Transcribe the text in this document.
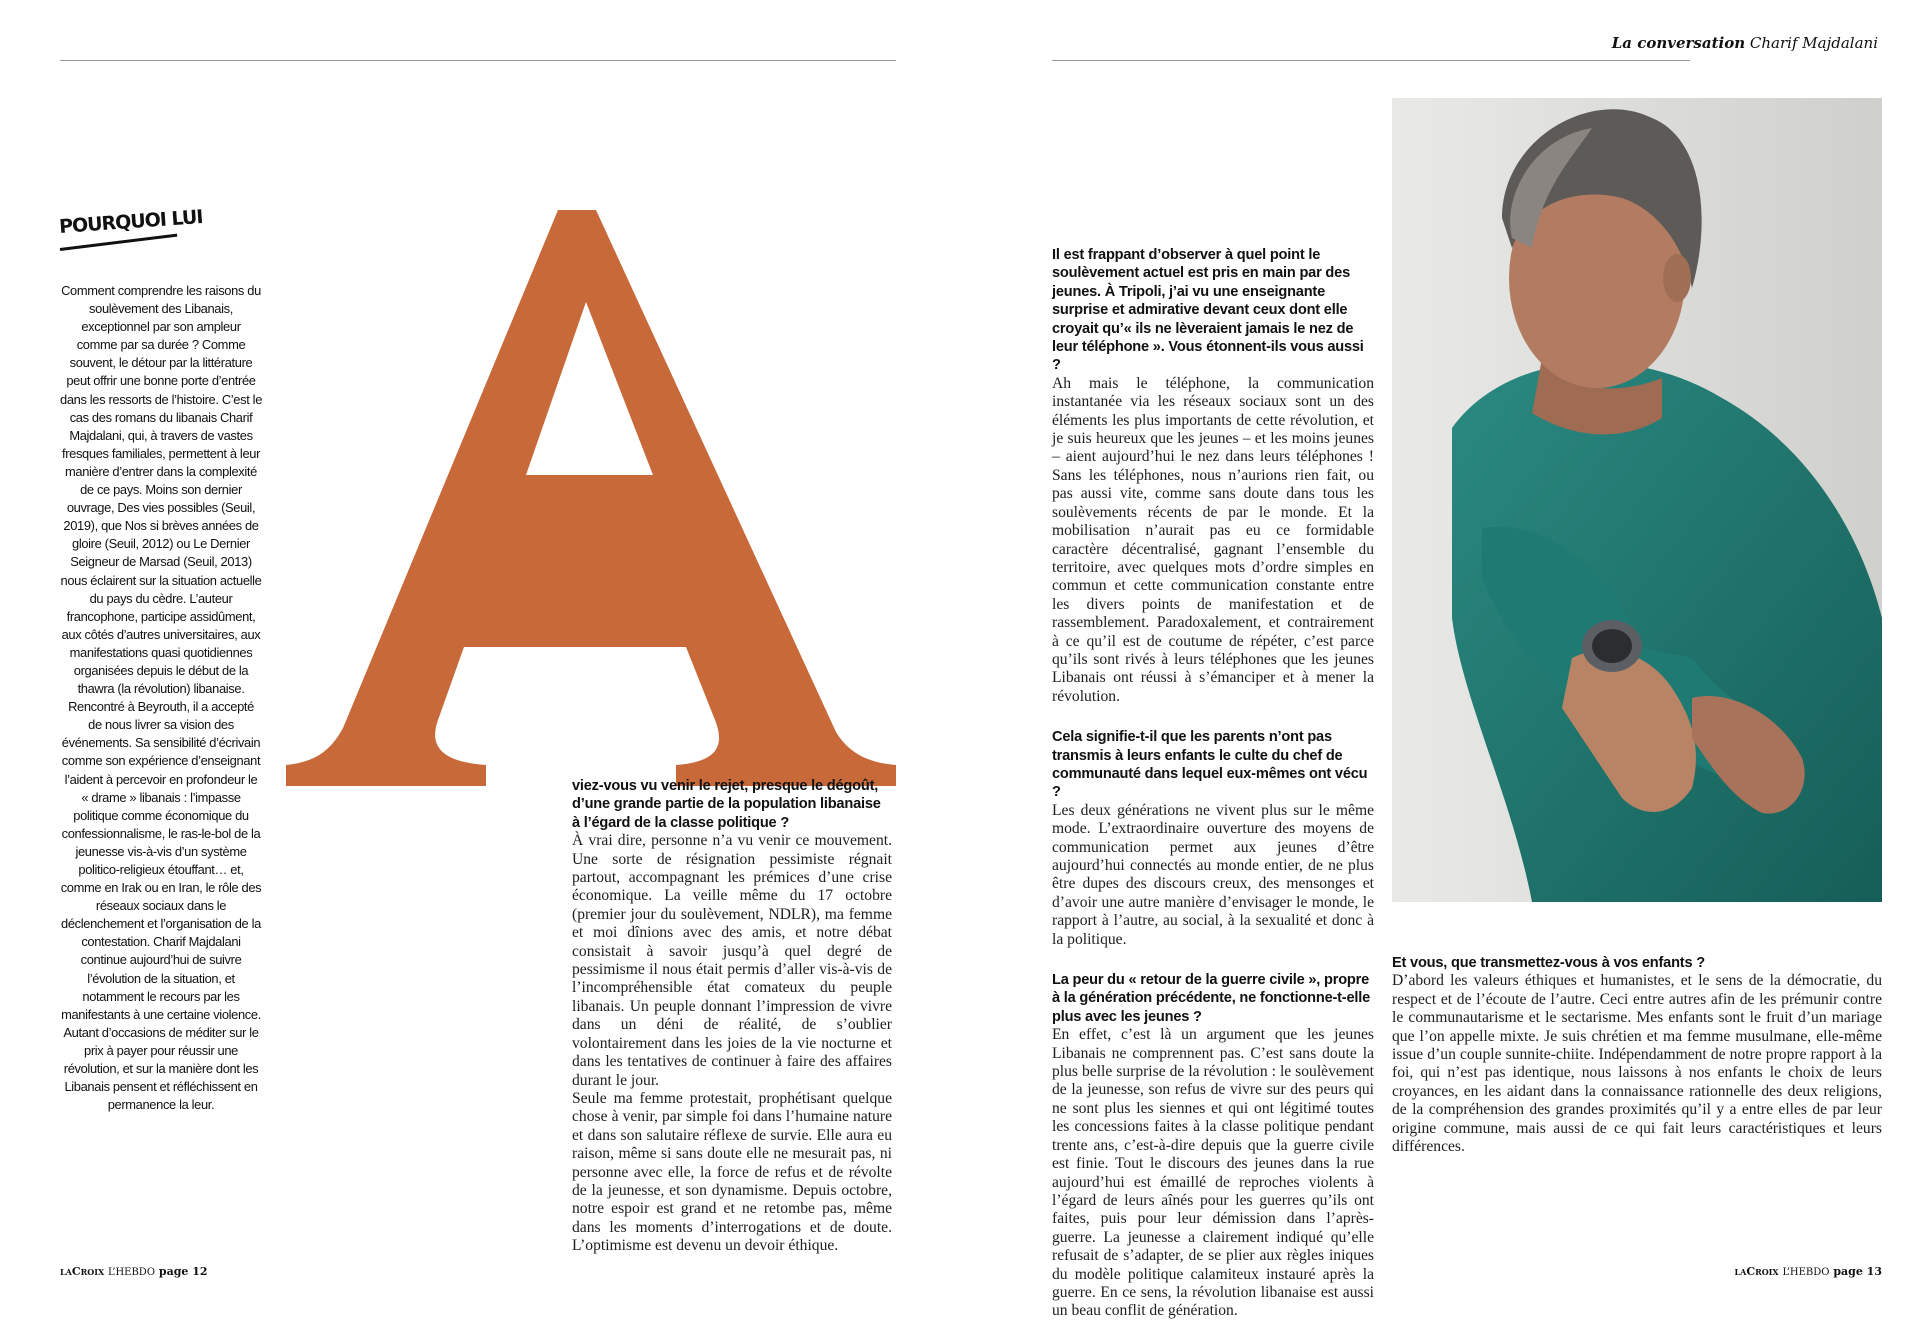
La conversation Charif Majdalani
POURQUOI LUI

Comment comprendre les raisons du soulèvement des Libanais, exceptionnel par son ampleur comme par sa durée ? Comme souvent, le détour par la littérature peut offrir une bonne porte d’entrée dans les ressorts de l’histoire. C’est le cas des romans du libanais Charif Majdalani, qui, à travers de vastes fresques familiales, permettent à leur manière d’entrer dans la complexité de ce pays. Moins son dernier ouvrage, Des vies possibles (Seuil, 2019), que Nos si brèves années de gloire (Seuil, 2012) ou Le Dernier Seigneur de Marsad (Seuil, 2013) nous éclairent sur la situation actuelle du pays du cèdre. L’auteur francophone, participe assidûment, aux côtés d’autres universitaires, aux manifestations quasi quotidiennes organisées depuis le début de la thawra (la révolution) libanaise. Rencontré à Beyrouth, il a accepté de nous livrer sa vision des événements. Sa sensibilité d’écrivain comme son expérience d’enseignant l’aident à percevoir en profondeur le « drame » libanais : l’impasse politique comme économique du confessionnalisme, le ras-le-bol de la jeunesse vis-à-vis d’un système politico-religieux étouffant… et, comme en Irak ou en Iran, le rôle des réseaux sociaux dans le déclenchement et l’organisation de la contestation. Charif Majdalani continue aujourd’hui de suivre l’évolution de la situation, et notamment le recours par les manifestants à une certaine violence. Autant d’occasions de méditer sur le prix à payer pour réussir une révolution, et sur la manière dont les Libanais pensent et réfléchissent en permanence la leur.

viez-vous vu venir le rejet, presque le dégoût, d’une grande partie de la population libanaise à l’égard de la classe politique ?

À vrai dire, personne n’a vu venir ce mouvement. Une sorte de résignation pessimiste régnait partout, accompagnant les prémices d’une crise économique. La veille même du 17 octobre (premier jour du soulèvement, NDLR), ma femme et moi dînions avec des amis, et notre débat consistait à savoir jusqu’à quel degré de pessimisme il nous était permis d’aller vis-à-vis de l’incompréhensible état comateux du peuple libanais. Un peuple donnant l’impression de vivre dans un déni de réalité, de s’oublier volontairement dans les joies de la vie nocturne et dans les tentatives de continuer à faire des affaires durant le jour.

Seule ma femme protestait, prophétisant quelque chose à venir, par simple foi dans l’humaine nature et dans son salutaire réflexe de survie. Elle aura eu raison, même si sans doute elle ne mesurait pas, ni personne avec elle, la force de refus et de révolte de la jeunesse, et son dynamisme. Depuis octobre, notre espoir est grand et ne retombe pas, même dans les moments d’interrogations et de doute. L’optimisme est devenu un devoir éthique.

Il est frappant d’observer à quel point le soulèvement actuel est pris en main par des jeunes. À Tripoli, j’ai vu une enseignante surprise et admirative devant ceux dont elle croyait qu’« ils ne lèveraient jamais le nez de leur téléphone ». Vous étonnent-ils vous aussi ?

Ah mais le téléphone, la communication instantanée via les réseaux sociaux sont un des éléments les plus importants de cette révolution, et je suis heureux que les jeunes – et les moins jeunes – aient aujourd’hui le nez dans leurs téléphones ! Sans les téléphones, nous n’aurions rien fait, ou pas aussi vite, comme sans doute dans tous les soulèvements récents de par le monde. Et la mobilisation n’aurait pas eu ce formidable caractère décentralisé, gagnant l’ensemble du territoire, avec quelques mots d’ordre simples en commun et cette communication constante entre les divers points de manifestation et de rassemblement. Paradoxalement, et contrairement à ce qu’il est de coutume de répéter, c’est parce qu’ils sont rivés à leurs téléphones que les jeunes Libanais ont réussi à s’émanciper et à mener la révolution.

Cela signifie-t-il que les parents n’ont pas transmis à leurs enfants le culte du chef de communauté dans lequel eux-mêmes ont vécu ?

Les deux générations ne vivent plus sur le même mode. L’extraordinaire ouverture des moyens de communication permet aux jeunes d’être aujourd’hui connectés au monde entier, de ne plus être dupes des discours creux, des mensonges et d’avoir une autre manière d’envisager le monde, le rapport à l’autre, au social, à la sexualité et donc à la politique.

La peur du « retour de la guerre civile », propre à la génération précédente, ne fonctionne-t-elle plus avec les jeunes ?

En effet, c’est là un argument que les jeunes Libanais ne comprennent pas. C’est sans doute la plus belle surprise de la révolution : le soulèvement de la jeunesse, son refus de vivre sur des peurs qui ne sont plus les siennes et qui ont légitimé toutes les concessions faites à la classe politique pendant trente ans, c’est-à-dire depuis que la guerre civile est finie. Tout le discours des jeunes dans la rue aujourd’hui est émaillé de reproches violents à l’égard de leurs aînés pour les guerres qu’ils ont faites, puis pour leur démission dans l’après-guerre. La jeunesse a clairement indiqué qu’elle refusait de s’adapter, de se plier aux règles iniques du modèle politique calamiteux instauré après la guerre. En ce sens, la révolution libanaise est aussi un beau conflit de génération.

Et vous, que transmettez-vous à vos enfants ?

D’abord les valeurs éthiques et humanistes, et le sens de la démocratie, du respect et de l’écoute de l’autre. Ceci entre autres afin de les prémunir contre le communautarisme et le sectarisme. Mes enfants sont le fruit d’un mariage que l’on appelle mixte. Je suis chrétien et ma femme musulmane, elle-même issue d’un couple sunnite-chiite. Indépendamment de notre propre rapport à la foi, qui n’est pas identique, nous laissons à nos enfants le choix de leurs croyances, en les aidant dans la connaissance rationnelle des deux religions, de la compréhension des grandes proximités qu’il y a entre elles de par leur origine commune, mais aussi de ce qui fait leurs caractéristiques et leurs différences.

laCroix L’HEBDO page 12	laCroix L’HEBDO page 13
